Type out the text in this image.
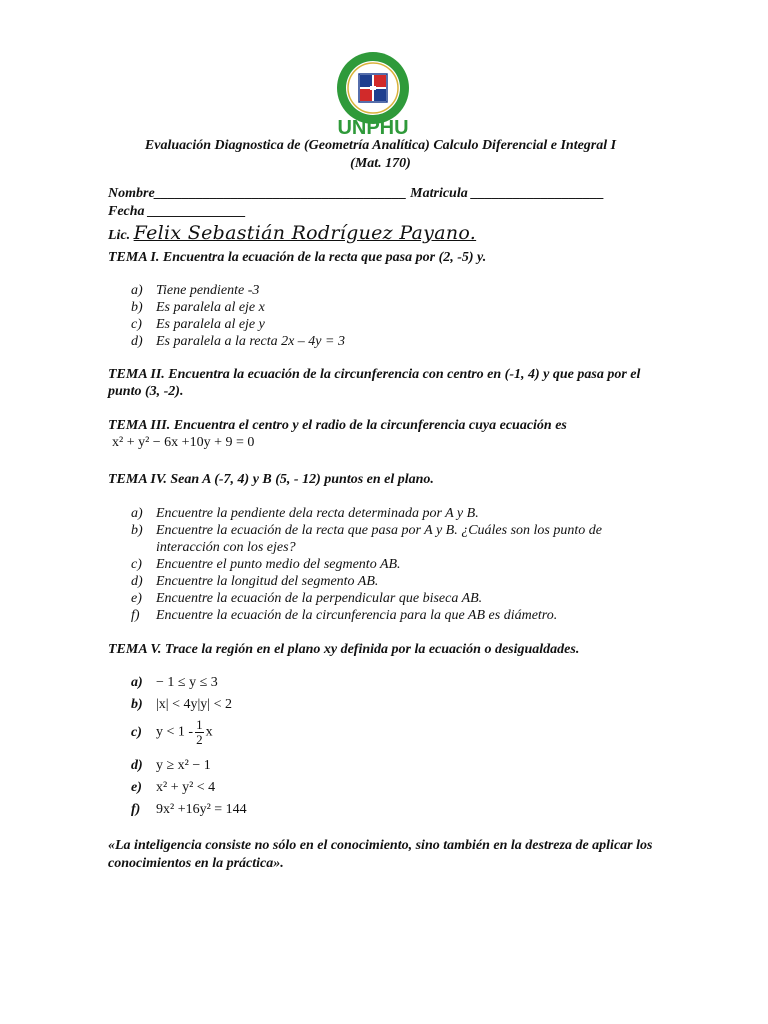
UNPHU
Evaluación Diagnostica de (Geometría Analítica) Calculo Diferencial e Integral I
(Mat. 170)
Nombre____________________________________ Matricula ___________________
Fecha ______________
Lic. Felix Sebastián Rodríguez Payano.
TEMA I. Encuentra la ecuación de la recta que pasa por (2, -5) y.
a) Tiene pendiente -3
b) Es paralela al eje x
c) Es paralela al eje y
d) Es paralela a la recta 2x – 4y = 3
TEMA II. Encuentra la ecuación de la circunferencia con centro en (-1, 4) y que pasa por el punto (3, -2).
TEMA III. Encuentra el centro y el radio de la circunferencia cuya ecuación es
x² + y² − 6x +10y + 9 = 0
TEMA IV. Sean A (-7, 4) y B (5, - 12) puntos en el plano.
a) Encuentre la pendiente dela recta determinada por A y B.
b) Encuentre la ecuación de la recta que pasa por A y B. ¿Cuáles son los punto de interacción con los ejes?
c) Encuentre el punto medio del segmento AB.
d) Encuentre la longitud del segmento AB.
e) Encuentre la ecuación de la perpendicular que biseca AB.
f) Encuentre la ecuación de la circunferencia para la que AB es diámetro.
TEMA V. Trace la región en el plano xy definida por la ecuación o desigualdades.
a) − 1 ≤ y ≤ 3
b) |x| < 4y|y| < 2
c) $y < 1 - \frac{1}{2}$ x
d) y ≥ x² − 1
e) x² + y² < 4
f) 9x² +16y² = 144
«La inteligencia consiste no sólo en el conocimiento, sino también en la destreza de aplicar los conocimientos en la práctica».
